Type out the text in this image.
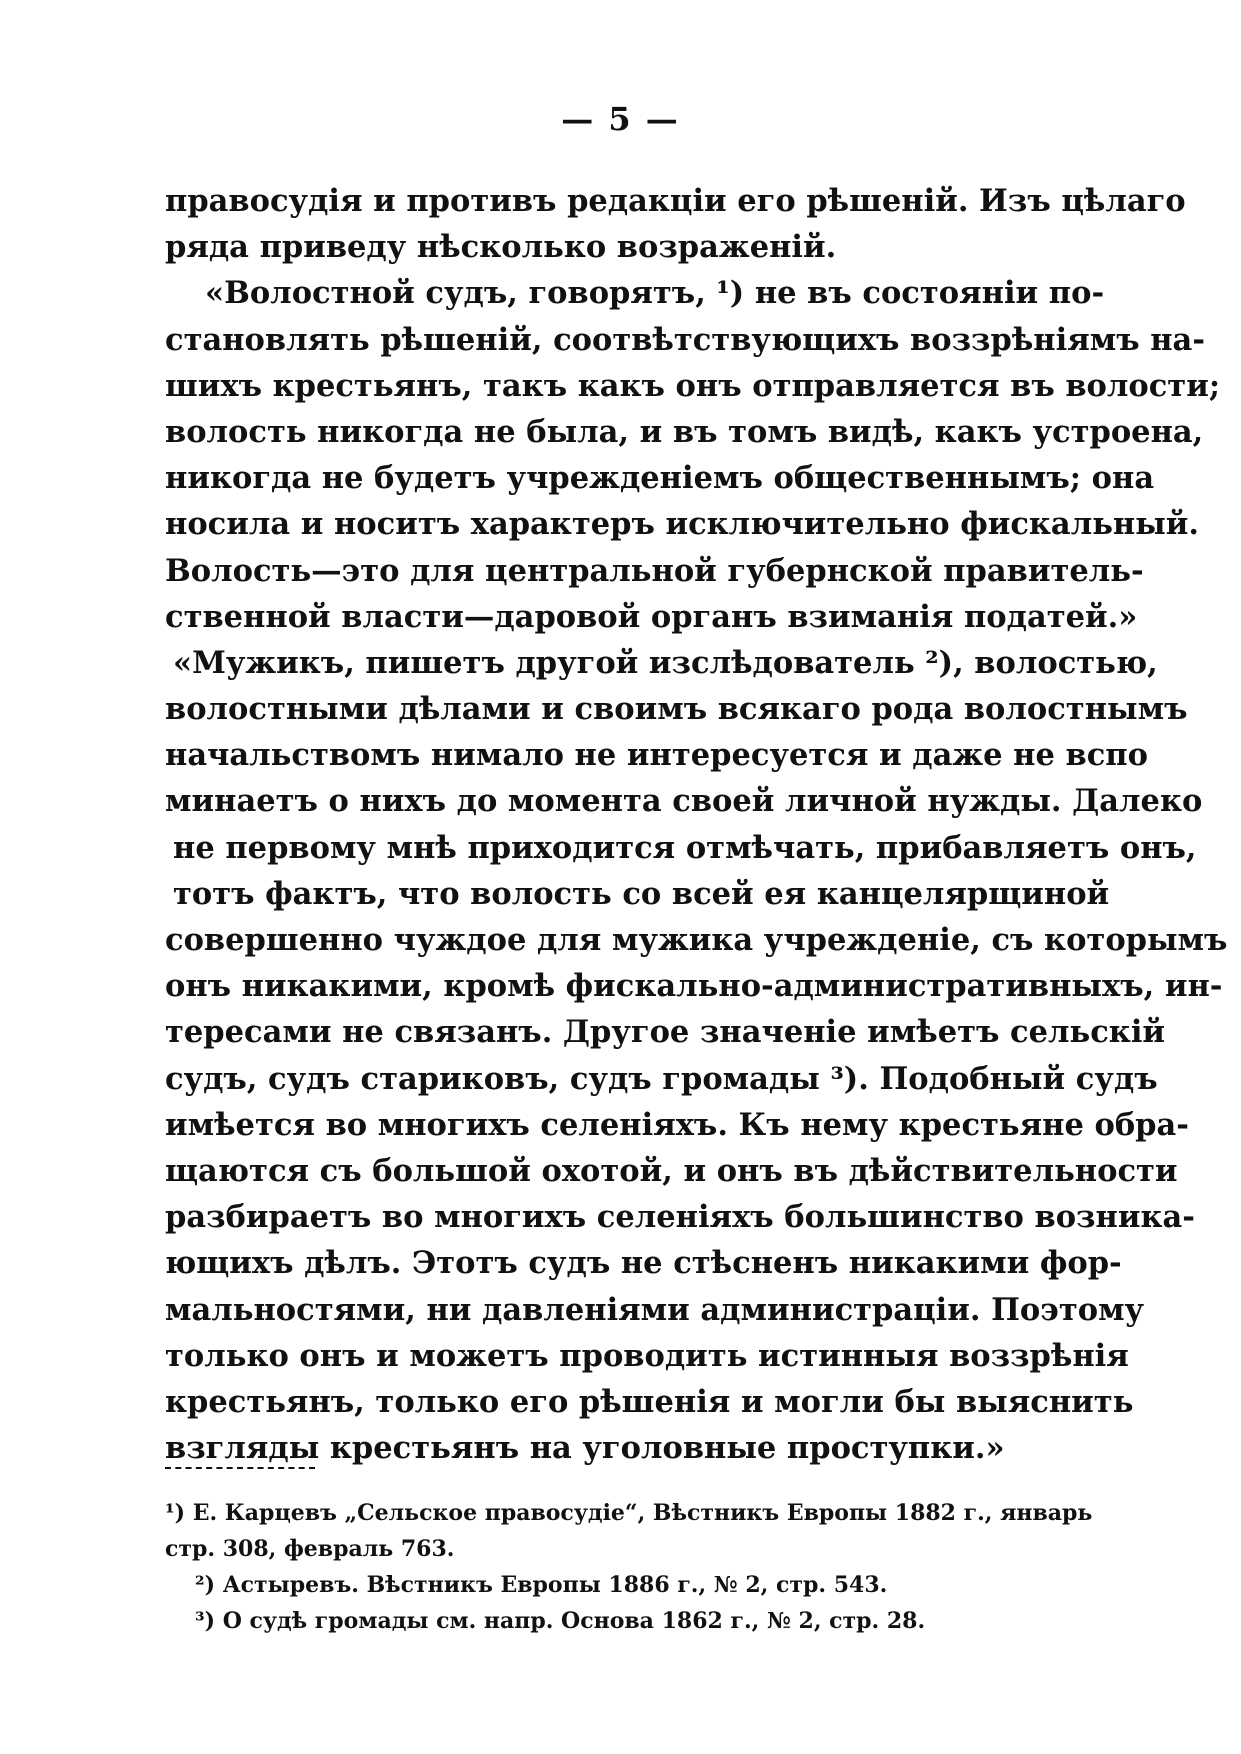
— 5 —
правосудія и противъ редакціи его рѣшеній. Изъ цѣлаго
ряда приведу нѣсколько возраженій.
«Волостной судъ, говорятъ, ¹) не въ состояніи по-
становлять рѣшеній, соотвѣтствующихъ воззрѣніямъ на-
шихъ крестьянъ, такъ какъ онъ отправляется въ волости;
волость никогда не была, и въ томъ видѣ, какъ устроена,
никогда не будетъ учрежденіемъ общественнымъ; она
носила и носитъ характеръ исключительно фискальный.
Волость—это для центральной губернской правитель-
ственной власти—даровой органъ взиманія податей.»
«Мужикъ, пишетъ другой изслѣдователь ²), волостью,
волостными дѣлами и своимъ всякаго рода волостнымъ
начальствомъ нимало не интересуется и даже не вспо
минаетъ о нихъ до момента своей личной нужды. Далеко
не первому мнѣ приходится отмѣчать, прибавляетъ онъ,
тотъ фактъ, что волость со всей ея канцелярщиной
совершенно чуждое для мужика учрежденіе, съ которымъ
онъ никакими, кромѣ фискально-административныхъ, ин-
тересами не связанъ. Другое значеніе имѣетъ сельскій
судъ, судъ стариковъ, судъ громады ³). Подобный судъ
имѣется во многихъ селеніяхъ. Къ нему крестьяне обра-
щаются съ большой охотой, и онъ въ дѣйствительности
разбираетъ во многихъ селеніяхъ большинство возника-
ющихъ дѣлъ. Этотъ судъ не стѣсненъ никакими фор-
мальностями, ни давленіями администраціи. Поэтому
только онъ и можетъ проводить истинныя воззрѣнія
крестьянъ, только его рѣшенія и могли бы выяснить
взгляды крестьянъ на уголовные проступки.»
¹) Е. Карцевъ „Сельское правосудіе“, Вѣстникъ Европы 1882 г., январь
стр. 308, февраль 763.
²) Астыревъ. Вѣстникъ Европы 1886 г., № 2, стр. 543.
³) О судѣ громады см. напр. Основа 1862 г., № 2, стр. 28.
